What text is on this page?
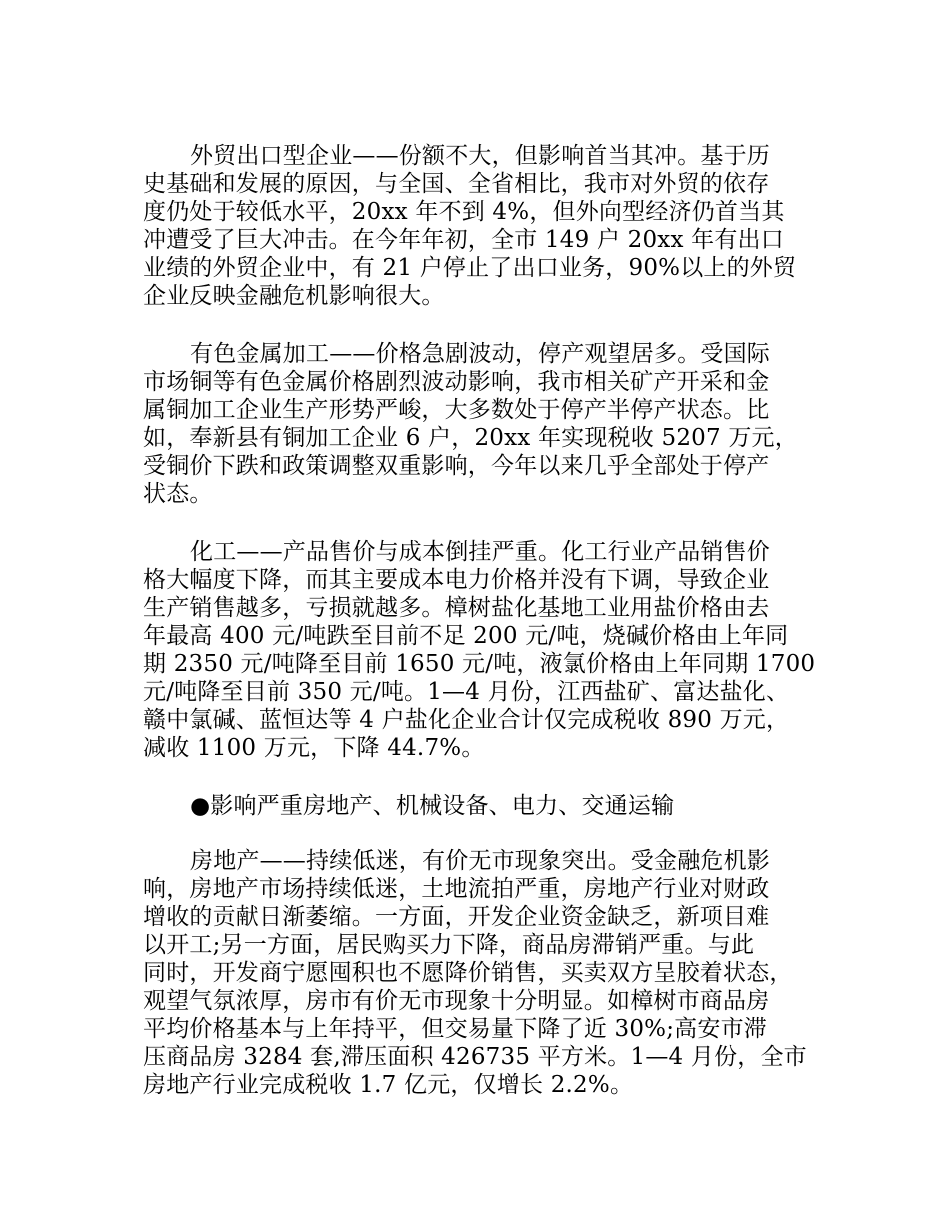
外贸出口型企业——份额不大，但影响首当其冲。基于历
史基础和发展的原因，与全国、全省相比，我市对外贸的依存
度仍处于较低水平，20xx 年不到 4%，但外向型经济仍首当其
冲遭受了巨大冲击。在今年年初，全市 149 户 20xx 年有出口
业绩的外贸企业中，有 21 户停止了出口业务，90%以上的外贸
企业反映金融危机影响很大。
有色金属加工——价格急剧波动，停产观望居多。受国际
市场铜等有色金属价格剧烈波动影响，我市相关矿产开采和金
属铜加工企业生产形势严峻，大多数处于停产半停产状态。比
如，奉新县有铜加工企业 6 户，20xx 年实现税收 5207 万元，
受铜价下跌和政策调整双重影响，今年以来几乎全部处于停产
状态。
化工——产品售价与成本倒挂严重。化工行业产品销售价
格大幅度下降，而其主要成本电力价格并没有下调，导致企业
生产销售越多，亏损就越多。樟树盐化基地工业用盐价格由去
年最高 400 元/吨跌至目前不足 200 元/吨，烧碱价格由上年同
期 2350 元/吨降至目前 1650 元/吨，液氯价格由上年同期 1700
元/吨降至目前 350 元/吨。1—4 月份，江西盐矿、富达盐化、
赣中氯碱、蓝恒达等 4 户盐化企业合计仅完成税收 890 万元，
减收 1100 万元，下降 44.7%。
●影响严重房地产、机械设备、电力、交通运输
房地产——持续低迷，有价无市现象突出。受金融危机影
响，房地产市场持续低迷，土地流拍严重，房地产行业对财政
增收的贡献日渐萎缩。一方面，开发企业资金缺乏，新项目难
以开工;另一方面，居民购买力下降，商品房滞销严重。与此
同时，开发商宁愿囤积也不愿降价销售，买卖双方呈胶着状态，
观望气氛浓厚，房市有价无市现象十分明显。如樟树市商品房
平均价格基本与上年持平，但交易量下降了近 30%;高安市滞
压商品房 3284 套,滞压面积 426735 平方米。1—4 月份，全市
房地产行业完成税收 1.7 亿元，仅增长 2.2%。
